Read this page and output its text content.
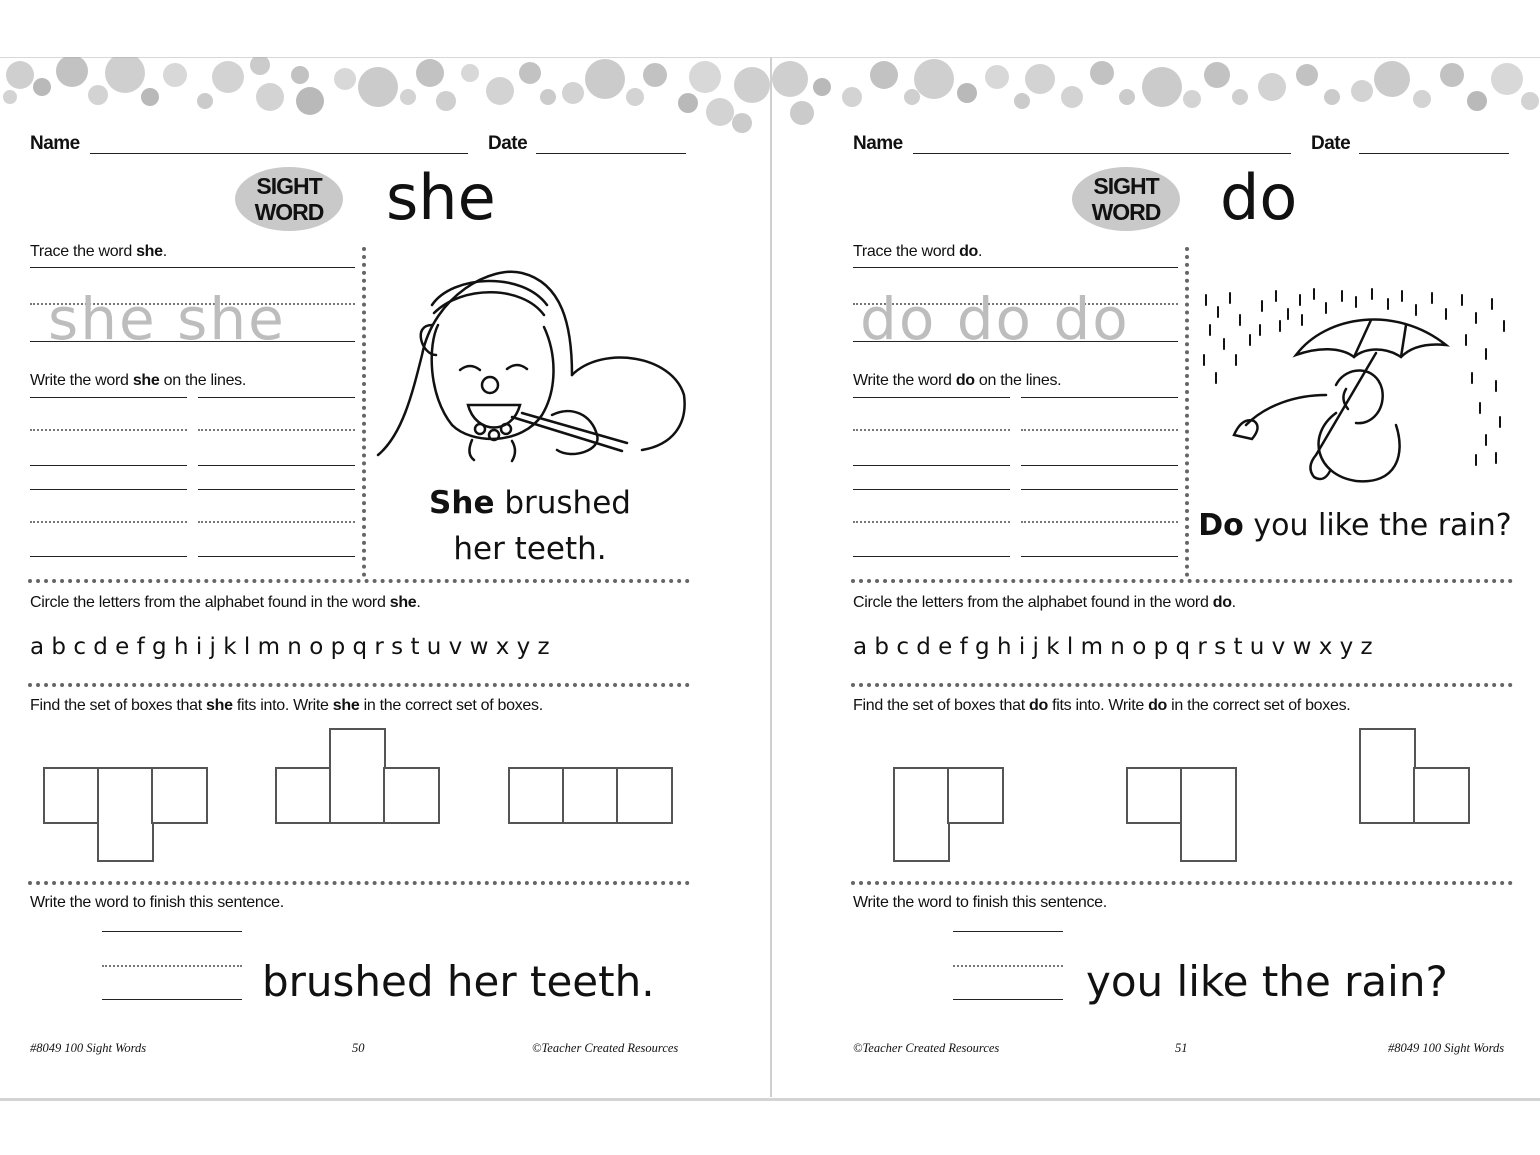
Name	Date
SIGHT
WORD	she
Trace the word she.
she she
Write the word she on the lines.
She brushed
her teeth.
Circle the letters from the alphabet found in the word she.
a b c d e f g h i j k l m n o p q r s t u v w x y z
Find the set of boxes that she fits into. Write she in the correct set of boxes.
Write the word to finish this sentence.
brushed her teeth.
#8049 100 Sight Words	50	©Teacher Created Resources
Name	Date
SIGHT
WORD do
Trace the word do.
do do do
Write the word do on the lines.
Do you like the rain?
Circle the letters from the alphabet found in the word do.
a b c d e f g h i j k l m n o p q r s t u v w x y z
Find the set of boxes that do fits into. Write do in the correct set of boxes.
Write the word to finish this sentence.
you like the rain?
©Teacher Created Resources	51	#8049 100 Sight Words
